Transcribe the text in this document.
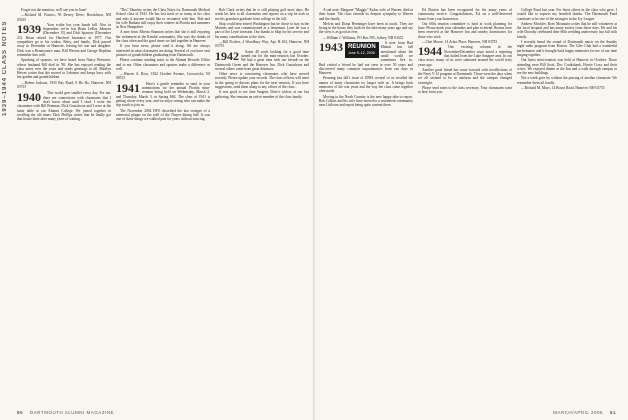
1939–1944 CLASS NOTES

Forget not the mention, we'll see you in June!

—Richard M. Francis, 95 Dewey Drive, Brooklawn, NH 03355

1939	Your scribe has your hands full. Also in September, we've lost Brian LeRoy Johnson (December 15) and Dick Sparrow (December 23). Brian retired for Hartford Insurance in 1977. Our sympathies go to his widow, Betty, and family. Dick passed away in December at Hanover, leaving his son and daughter. Dick was a Renaissance man, Bill Weston and George Hopkins remember him well.

Speaking of spouses, we have heard from Nancy Brewster, whose husband Bill died in '98. She has enjoyed reading the class notes over the years and sends greetings to all. Marilyn Hewes writes that she moved to Lebanon and keeps busy with her garden and grandchildren.

—Robert Jackson, 1935 Bay Road, 9 Ho Ho, Hanover, NH 03755

1940	This world gets smaller every day. For me, there are connections with classmates that I don't know about until I read. I write the classmates with Bill Brennan. Dick Gustafsson and I were at the same table at our Alumni College. We joined together in recalling the old times. Dick Phillips writes that he finally got that house done after many years of waiting.

"Doc" Dunsley writes the Class Notes for Dartmouth Medical School class of 1943. He has lost track of so many in his class and asks if anyone would like to reconnect with him. Bob and his wife Barbara still enjoy their winters in Florida and summers in New Hampshire.

A note from Alberta Shannon writes that she is still enjoying her retirement at the Kendal community. She says she thinks of the class often and the good times we had together in Hanover.

If you have news, please send it along. We are always interested in what classmates are doing. Several of you have sent pictures of grandchildren graduating from Dartmouth.

Please continue sending notes to the Alumni Records Office and to me. Other classmates and spouses make a difference as well.

—Warren A. Ross, 1822 October Avenue, Crosswicks, NJ 08515

1941	Here's a gentle reminder to send in your nominations for the annual Florida mini-reunion being held on Wednesday, March 2, and Thursday, March 3, in Spring Hill. The class of 1941 is getting closer every year, and we enjoy seeing who can make the trip south to join us.

The November 2004 DFO described the last vestiges of a memorial plaque on the wall of the Thayer dining hall. It was one of those things we walked past for years without noticing.

Bob Clark writes that he is still playing golf most days. He sends his best to all classmates and reports on a trip he took to see his grandson graduate from college in the fall.

Skip could hear reared Washington but he chose to stay in the Marines and was commissioned as a lieutenant. Later he was a part of the Leyte invasion. Our thanks to Skip for his service and his many contributions to the class.

—Bill Fischer, 4 Woodbury Way, Apt. B-104, Hanover, NH 03755

1942	Some 40 souls looking for a good time turned out for the mini-reunion last October. We had a great time with our friends on the Dartmouth Green and the Hanover Inn. Dick Gustafsson and several others came from great distances.

Other news is concerning classmates who have moved recently. Please update your records. The class officers will meet in the spring to discuss plans for the next reunion. If you have suggestions, send them along to any officer of the class.

It was good to see Jane Sargent, Dave's widow, at our last gathering. She remains an active member of the class family.

A sad note: Margaret "Maggie" Kuhn, wife of Warren, died at their home. The class extends its deepest sympathy to Warren and the family.

Melvin and Diana Henninger have been in touch. They are living in the house they built on the lake many years ago and say the view is as good as ever.

—William J. Williams, PO Box 595, Jaffrey, NH 03452

1943 REUNION
June 9–12, 2005

A note from Bud Makuri last fall mentioned about the small world we sometimes live in. Bud visited a friend he had not seen in over 50 years and discovered many common acquaintances from our days in Hanover.

Perusing last fall's issue of DNH, several of us recalled the names of many classmates no longer with us. It brings back memories of the war years and the way the class came together afterwards.

Moving to the North Country is the new happy take to report. Bob Collins and his wife have moved to a retirement community near Littleton and report being quite content there.

Ed Boston has been recognized for his many years of community service. Congratulations, Ed, on a well-deserved honor from your hometown.

Our 60th reunion committee is hard at work planning for June. Please mark your calendars and plan to attend. Rooms have been reserved at the Hanover Inn and nearby dormitories for those who wish.

—Chet Moore, 14 Arbor Place, Hanover, NH 03755

1944	One exciting column in the November/December issue noted a reporting that hailed from the Lake Sunapee area. In our class news, many of us were stationed around the world sixty years ago.

Another good friend has come forward with recollections of the Navy V-12 program at Dartmouth. Those were the days when we all seemed to be in uniform and the campus changed overnight.

Please send notes to the class secretary. Your classmates want to hear from you.

College Fund last year. For those others in the class who gave, I would like to express my heartfelt thanks. The Dartmouth Fund continues to be one of the strongest in the Ivy League.

Andrew Mockler, Roes Mountain writes that he still volunteers at the local hospital and has many stories from those days. He and his wife Dorothy celebrated their 60th wedding anniversary last fall with family.

I recently heard the sound of Dartmouth music on the Sunday night radio program from Boston. The Glee Club had a wonderful performance and it brought back happy memories for me of our time singing together.

Our latest mini-reunion was held at Hanover in October. Those attending were Bill Scott, Doc Cruikshank, Howie Cross and their wives. We enjoyed dinner at the Inn and a walk through campus to see the new buildings.

Not a week goes by without the passing of another classmate. We remember them all fondly.

—Richard M. Mays, 14 Rouse Road, Hanover, NH 03755

60 DARTMOUTH ALUMNI MAGAZINE	MARCH/APRIL 2005 61
